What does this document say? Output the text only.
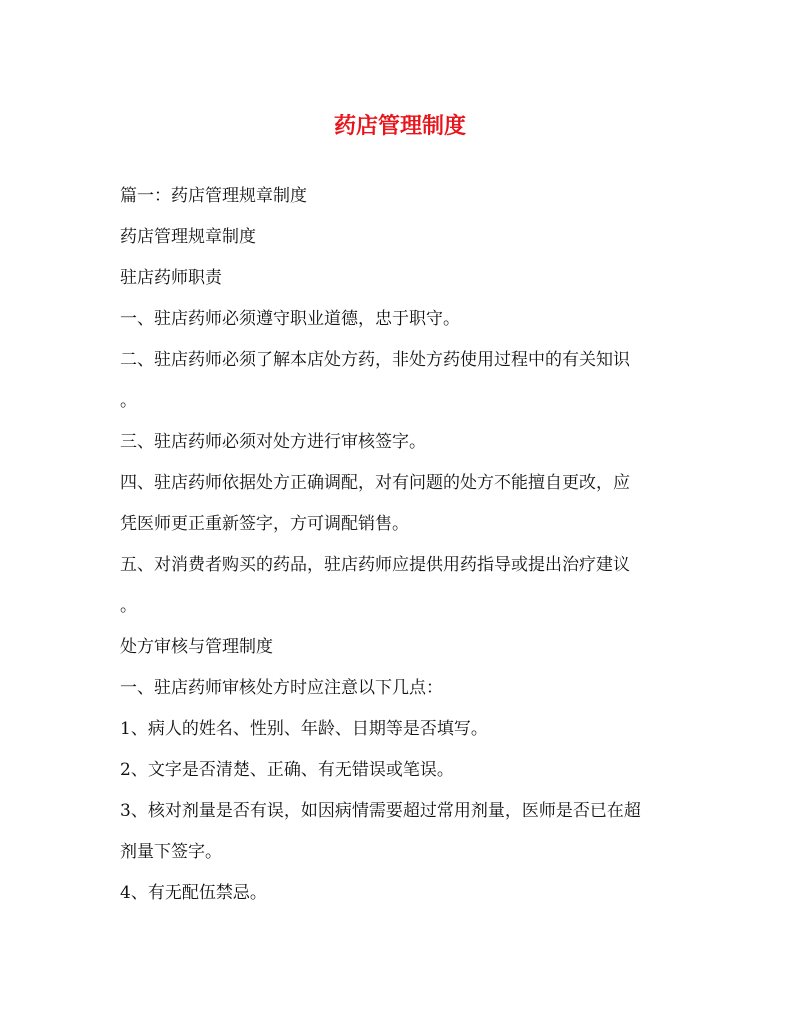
药店管理制度
篇一：药店管理规章制度
药店管理规章制度
驻店药师职责
一、驻店药师必须遵守职业道德，忠于职守。
二、驻店药师必须了解本店处方药，非处方药使用过程中的有关知识
。
三、驻店药师必须对处方进行审核签字。
四、驻店药师依据处方正确调配，对有问题的处方不能擅自更改，应
凭医师更正重新签字，方可调配销售。
五、对消费者购买的药品，驻店药师应提供用药指导或提出治疗建议
。
处方审核与管理制度
一、驻店药师审核处方时应注意以下几点：
1、病人的姓名、性别、年龄、日期等是否填写。
2、文字是否清楚、正确、有无错误或笔误。
3、核对剂量是否有误，如因病情需要超过常用剂量，医师是否已在超
剂量下签字。
4、有无配伍禁忌。
